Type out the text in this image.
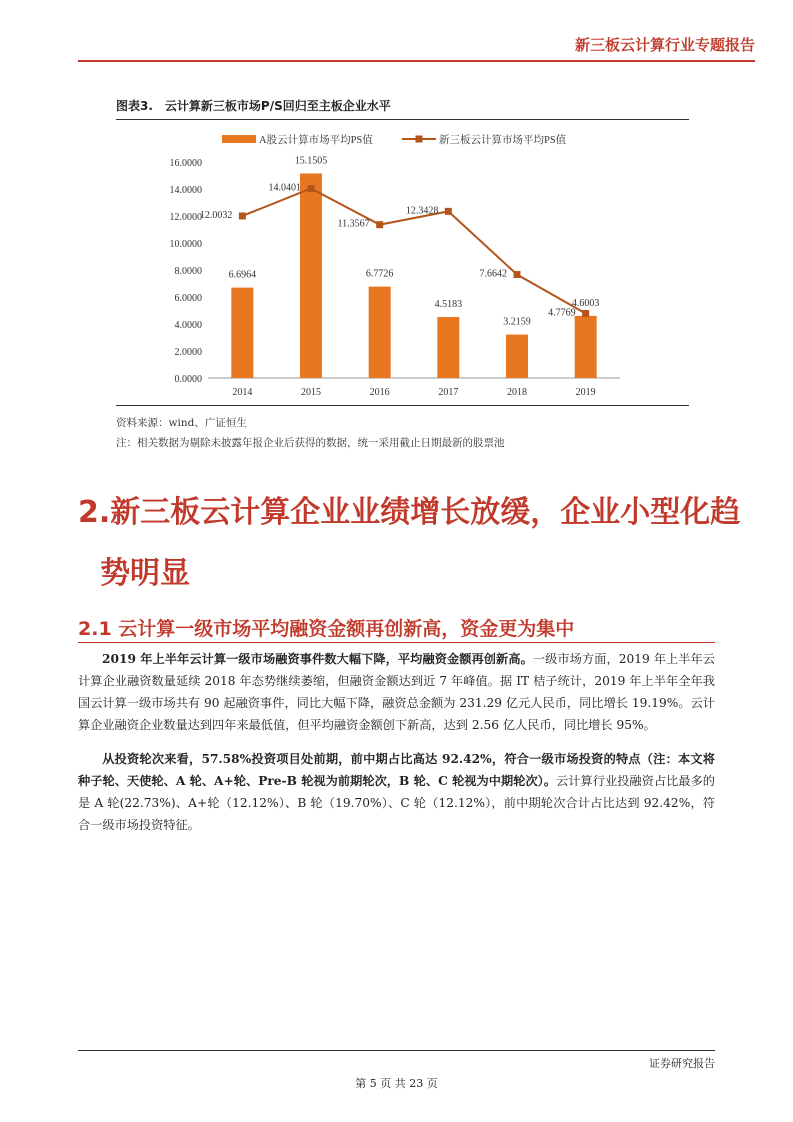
新三板云计算行业专题报告
图表3. 云计算新三板市场P/S回归至主板企业水平
A股云计算市场平均PS值	新三板云计算市场平均PS值
0.0000
2.0000
4.0000
6.0000
8.0000
10.0000
12.0000
14.0000
16.0000
6.6964
15.1505
6.7726
4.5183
3.2159
4.6003
2014	2015	2016	2017	2018	2019
12.0032
14.0401
11.3567
12.3428
7.6642
4.7769
资料来源：wind、广证恒生
注：相关数据为剔除未披露年报企业后获得的数据，统一采用截止日期最新的股票池
2.新三板云计算企业业绩增长放缓，企业小型化趋
势明显
2.1 云计算一级市场平均融资金额再创新高，资金更为集中
2019 年上半年云计算一级市场融资事件数大幅下降，平均融资金额再创新高。一级市场方面，2019 年上半年云计算企业融资数量延续 2018 年态势继续萎缩，但融资金额达到近 7 年峰值。据 IT 桔子统计，2019 年上半年全年我国云计算一级市场共有 90 起融资事件，同比大幅下降，融资总金额为 231.29 亿元人民币，同比增长 19.19%。云计算企业融资企业数量达到四年来最低值，但平均融资金额创下新高，达到 2.56 亿人民币，同比增长 95%。
从投资轮次来看，57.58%投资项目处前期，前中期占比高达 92.42%，符合一级市场投资的特点（注：本文将种子轮、天使轮、A 轮、A+轮、Pre-B 轮视为前期轮次，B 轮、C 轮视为中期轮次）。云计算行业投融资占比最多的是 A 轮(22.73%)、A+轮（12.12%）、B 轮（19.70%）、C 轮（12.12%），前中期轮次合计占比达到 92.42%，符合一级市场投资特征。
证券研究报告
第 5 页 共 23 页
